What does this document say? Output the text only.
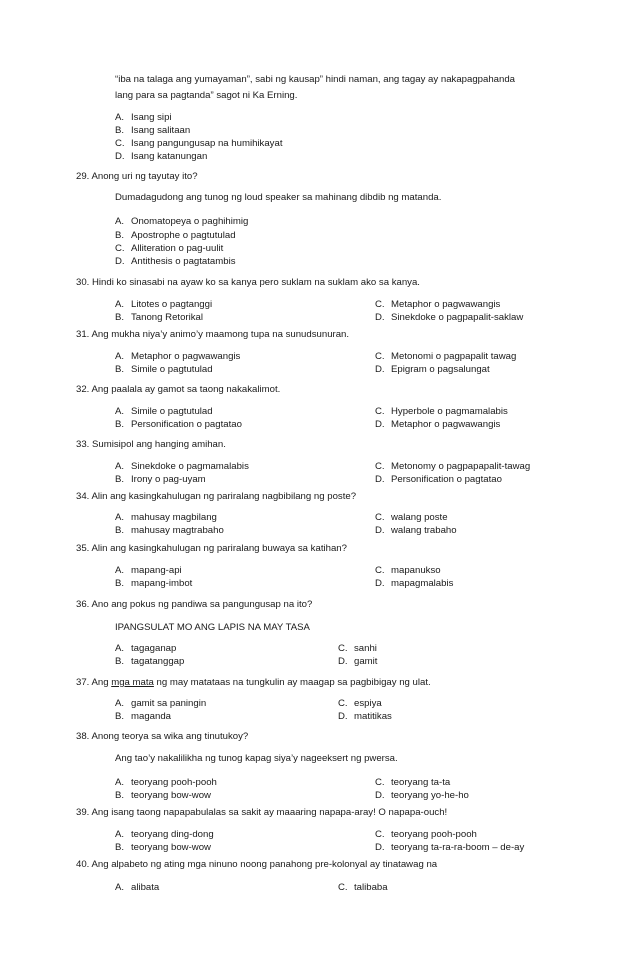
“iba na talaga ang yumayaman”, sabi ng kausap” hindi naman, ang tagay ay nakapagpahanda
lang para sa pagtanda” sagot ni Ka Erning.
A. Isang sipi
B. Isang salitaan
C. Isang pangungusap na humihikayat
D. Isang katanungan
29. Anong uri ng tayutay ito?
Dumadagudong ang tunog ng loud speaker sa mahinang dibdib ng matanda.
A. Onomatopeya o paghihimig
B. Apostrophe o pagtutulad
C. Alliteration o pag-uulit
D. Antithesis o pagtatambis
30. Hindi ko sinasabi na ayaw ko sa kanya pero suklam na suklam ako sa kanya.
A. Litotes o pagtanggi
B. Tanong Retorikal
C. Metaphor o pagwawangis
D. Sinekdoke o pagpapalit-saklaw
31. Ang mukha niya’y animo’y maamong tupa na sunudsunuran.
A. Metaphor o pagwawangis
B. Simile o pagtutulad
C. Metonomi o pagpapalit tawag
D. Epigram o pagsalungat
32. Ang paalala ay gamot sa taong nakakalimot.
A. Simile o pagtutulad
B. Personification o pagtatao
C. Hyperbole o pagmamalabis
D. Metaphor o pagwawangis
33. Sumisipol ang hanging amihan.
A. Sinekdoke o pagmamalabis
B. Irony o pag-uyam
C. Metonomy o pagpapapalit-tawag
D. Personification o pagtatao
34. Alin ang kasingkahulugan ng pariralang nagbibilang ng poste?
A. mahusay magbilang
B. mahusay magtrabaho
C. walang poste
D. walang trabaho
35. Alin ang kasingkahulugan ng pariralang buwaya sa katihan?
A. mapang-api
B. mapang-imbot
C. mapanukso
D. mapagmalabis
36. Ano ang pokus ng pandiwa sa pangungusap na ito?
IPANGSULAT MO ANG LAPIS NA MAY TASA
A. tagaganap
B. tagatanggap
C. sanhi
D. gamit
37. Ang mga mata ng may matataas na tungkulin ay maagap sa pagbibigay ng ulat.
A. gamit sa paningin
B. maganda
C. espiya
D. matitikas
38. Anong teorya sa wika ang tinutukoy?
Ang tao’y nakalilikha ng tunog kapag siya’y nageeksert ng pwersa.
A. teoryang pooh-pooh
B. teoryang bow-wow
C. teoryang ta-ta
D. teoryang yo-he-ho
39. Ang isang taong napapabulalas sa sakit ay maaaring napapa-aray! O napapa-ouch!
A. teoryang ding-dong
B. teoryang bow-wow
C. teoryang pooh-pooh
D. teoryang ta-ra-ra-boom – de-ay
40. Ang alpabeto ng ating mga ninuno noong panahong pre-kolonyal ay tinatawag na
A. alibata	C. talibaba
